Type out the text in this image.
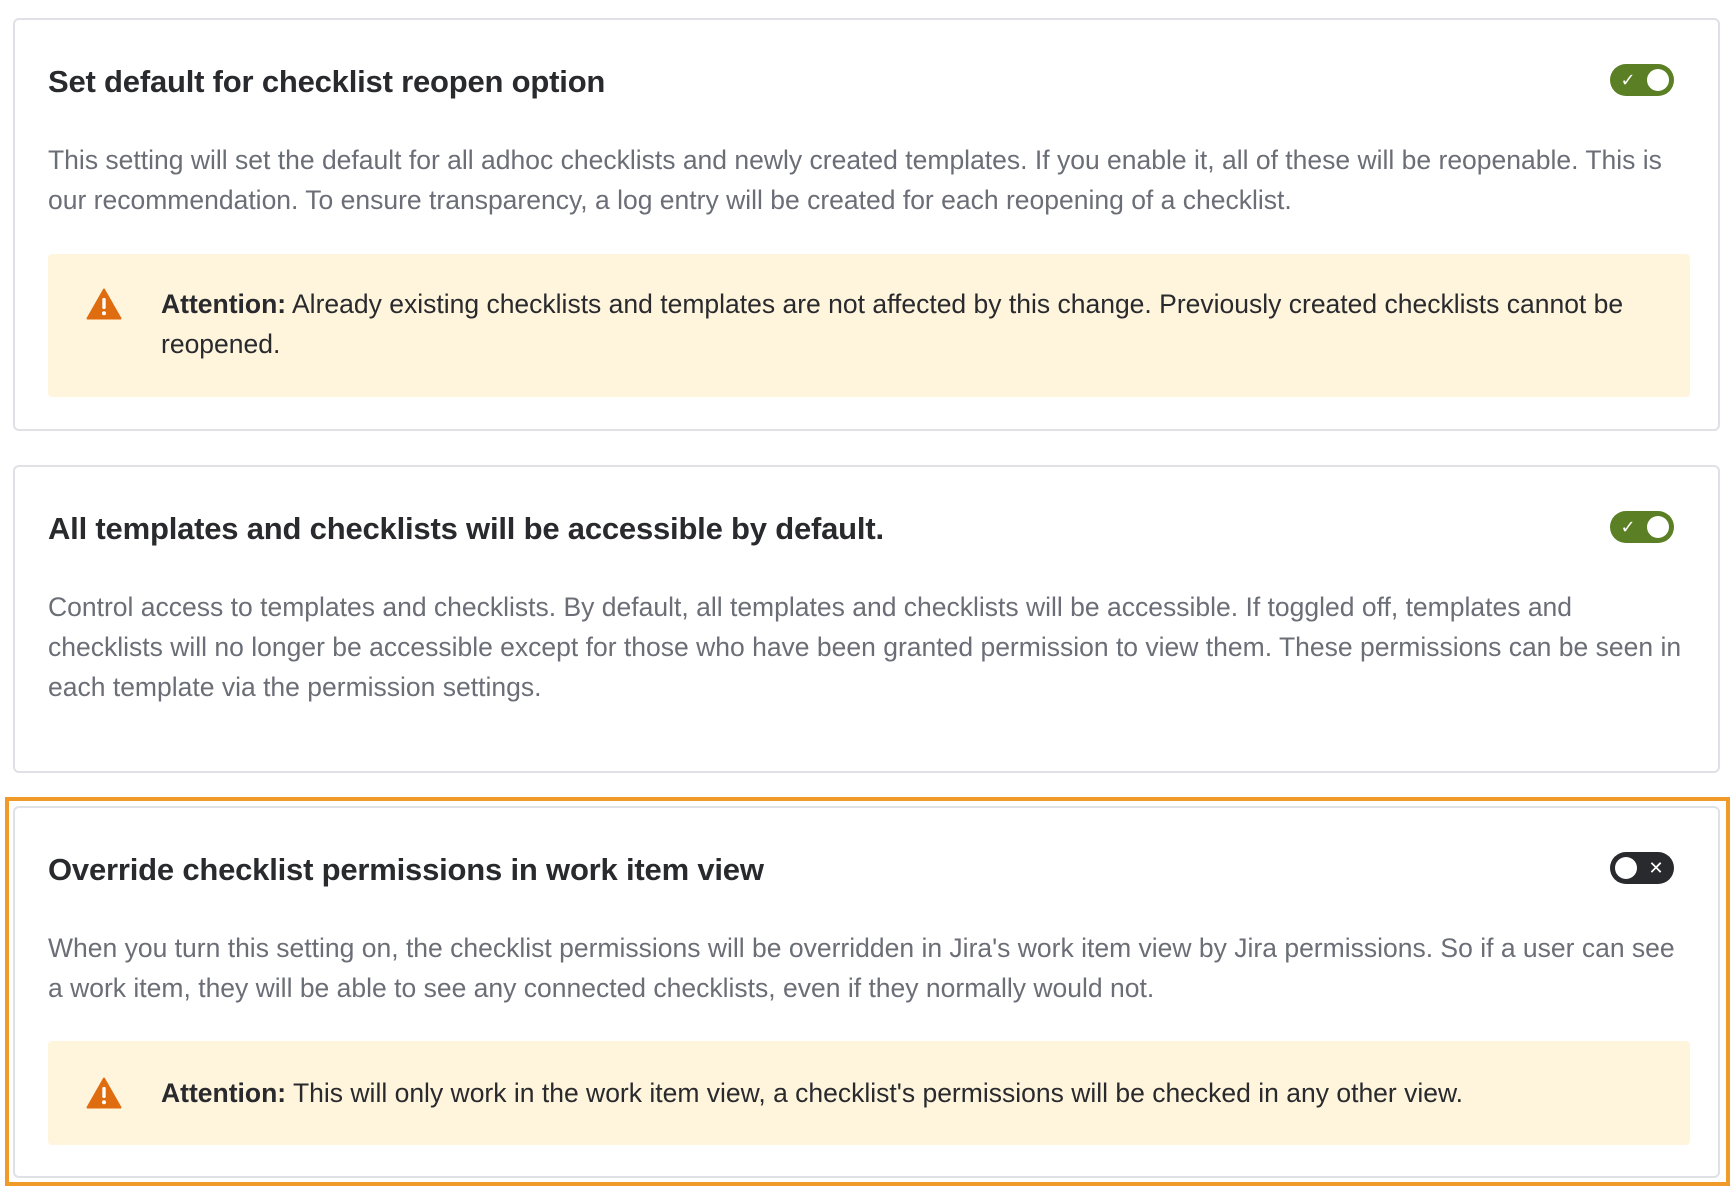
Set default for checklist reopen option	✓
This setting will set the default for all adhoc checklists and newly created templates. If you enable it, all of these will be reopenable. This is our recommendation. To ensure transparency, a log entry will be created for each reopening of a checklist.
Attention: Already existing checklists and templates are not affected by this change. Previously created checklists cannot be reopened.
All templates and checklists will be accessible by default.	✓
Control access to templates and checklists. By default, all templates and checklists will be accessible. If toggled off, templates and checklists will no longer be accessible except for those who have been granted permission to view them. These permissions can be seen in each template via the permission settings.
Override checklist permissions in work item view	✕
When you turn this setting on, the checklist permissions will be overridden in Jira's work item view by Jira permissions. So if a user can see a work item, they will be able to see any connected checklists, even if they normally would not.
Attention: This will only work in the work item view, a checklist's permissions will be checked in any other view.
